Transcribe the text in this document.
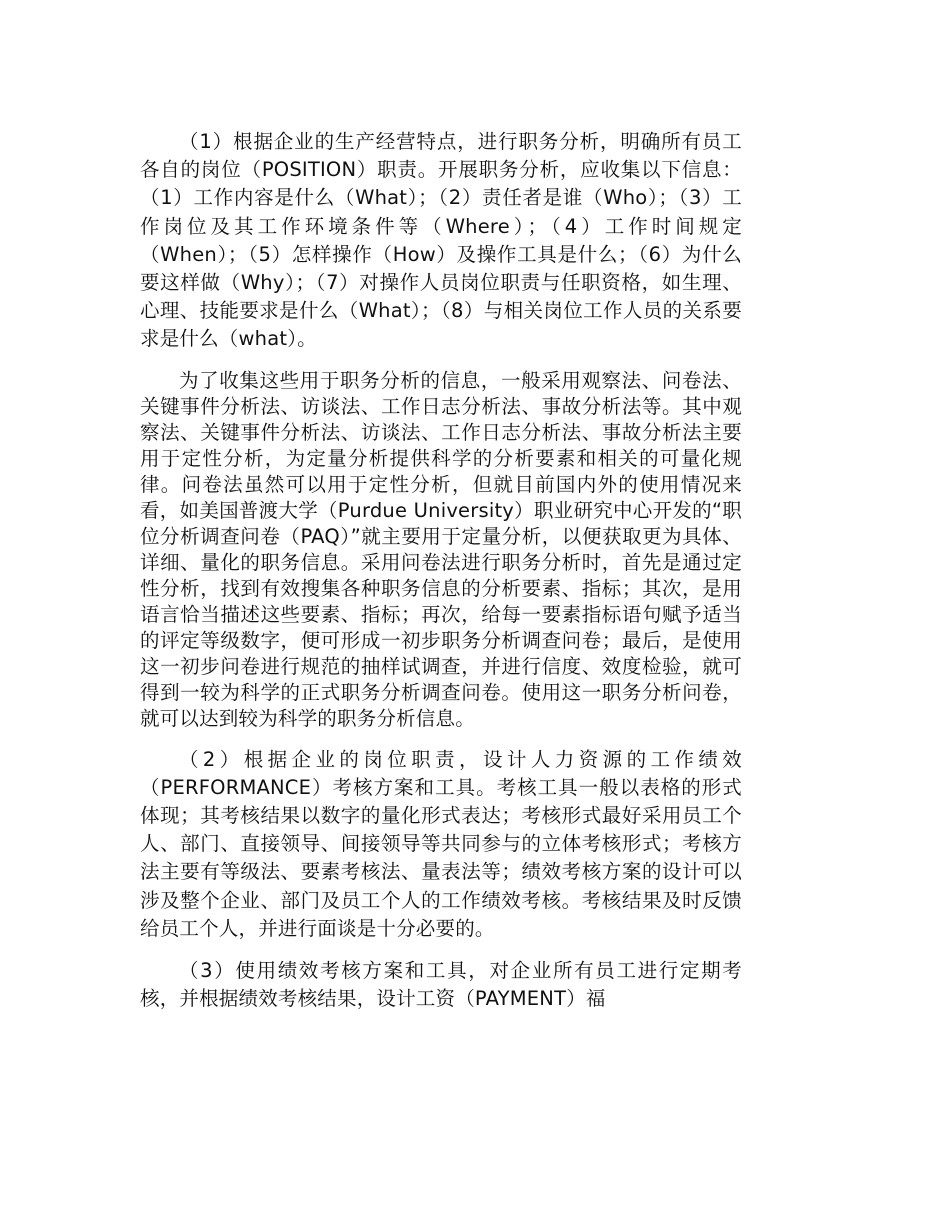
（1）根据企业的生产经营特点，进行职务分析，明确所有员工各自的岗位（POSITION）职责。开展职务分析，应收集以下信息：（1）工作内容是什么（What）；（2）责任者是谁（Who）；（3）工作岗位及其工作环境条件等（Where）；（4）工作时间规定（When）；（5）怎样操作（How）及操作工具是什么；（6）为什么要这样做（Why）；（7）对操作人员岗位职责与任职资格，如生理、心理、技能要求是什么（What）；（8）与相关岗位工作人员的关系要求是什么（what）。

为了收集这些用于职务分析的信息，一般采用观察法、问卷法、关键事件分析法、访谈法、工作日志分析法、事故分析法等。其中观察法、关键事件分析法、访谈法、工作日志分析法、事故分析法主要用于定性分析，为定量分析提供科学的分析要素和相关的可量化规律。问卷法虽然可以用于定性分析，但就目前国内外的使用情况来看，如美国普渡大学（Purdue University）职业研究中心开发的“职位分析调查问卷（PAQ）”就主要用于定量分析，以便获取更为具体、详细、量化的职务信息。采用问卷法进行职务分析时，首先是通过定性分析，找到有效搜集各种职务信息的分析要素、指标；其次，是用语言恰当描述这些要素、指标；再次，给每一要素指标语句赋予适当的评定等级数字，便可形成一初步职务分析调查问卷；最后，是使用这一初步问卷进行规范的抽样试调查，并进行信度、效度检验，就可得到一较为科学的正式职务分析调查问卷。使用这一职务分析问卷，就可以达到较为科学的职务分析信息。

（2）根据企业的岗位职责，设计人力资源的工作绩效（PERFORMANCE）考核方案和工具。考核工具一般以表格的形式体现；其考核结果以数字的量化形式表达；考核形式最好采用员工个人、部门、直接领导、间接领导等共同参与的立体考核形式；考核方法主要有等级法、要素考核法、量表法等；绩效考核方案的设计可以涉及整个企业、部门及员工个人的工作绩效考核。考核结果及时反馈给员工个人，并进行面谈是十分必要的。

（3）使用绩效考核方案和工具，对企业所有员工进行定期考核，并根据绩效考核结果，设计工资（PAYMENT）福
